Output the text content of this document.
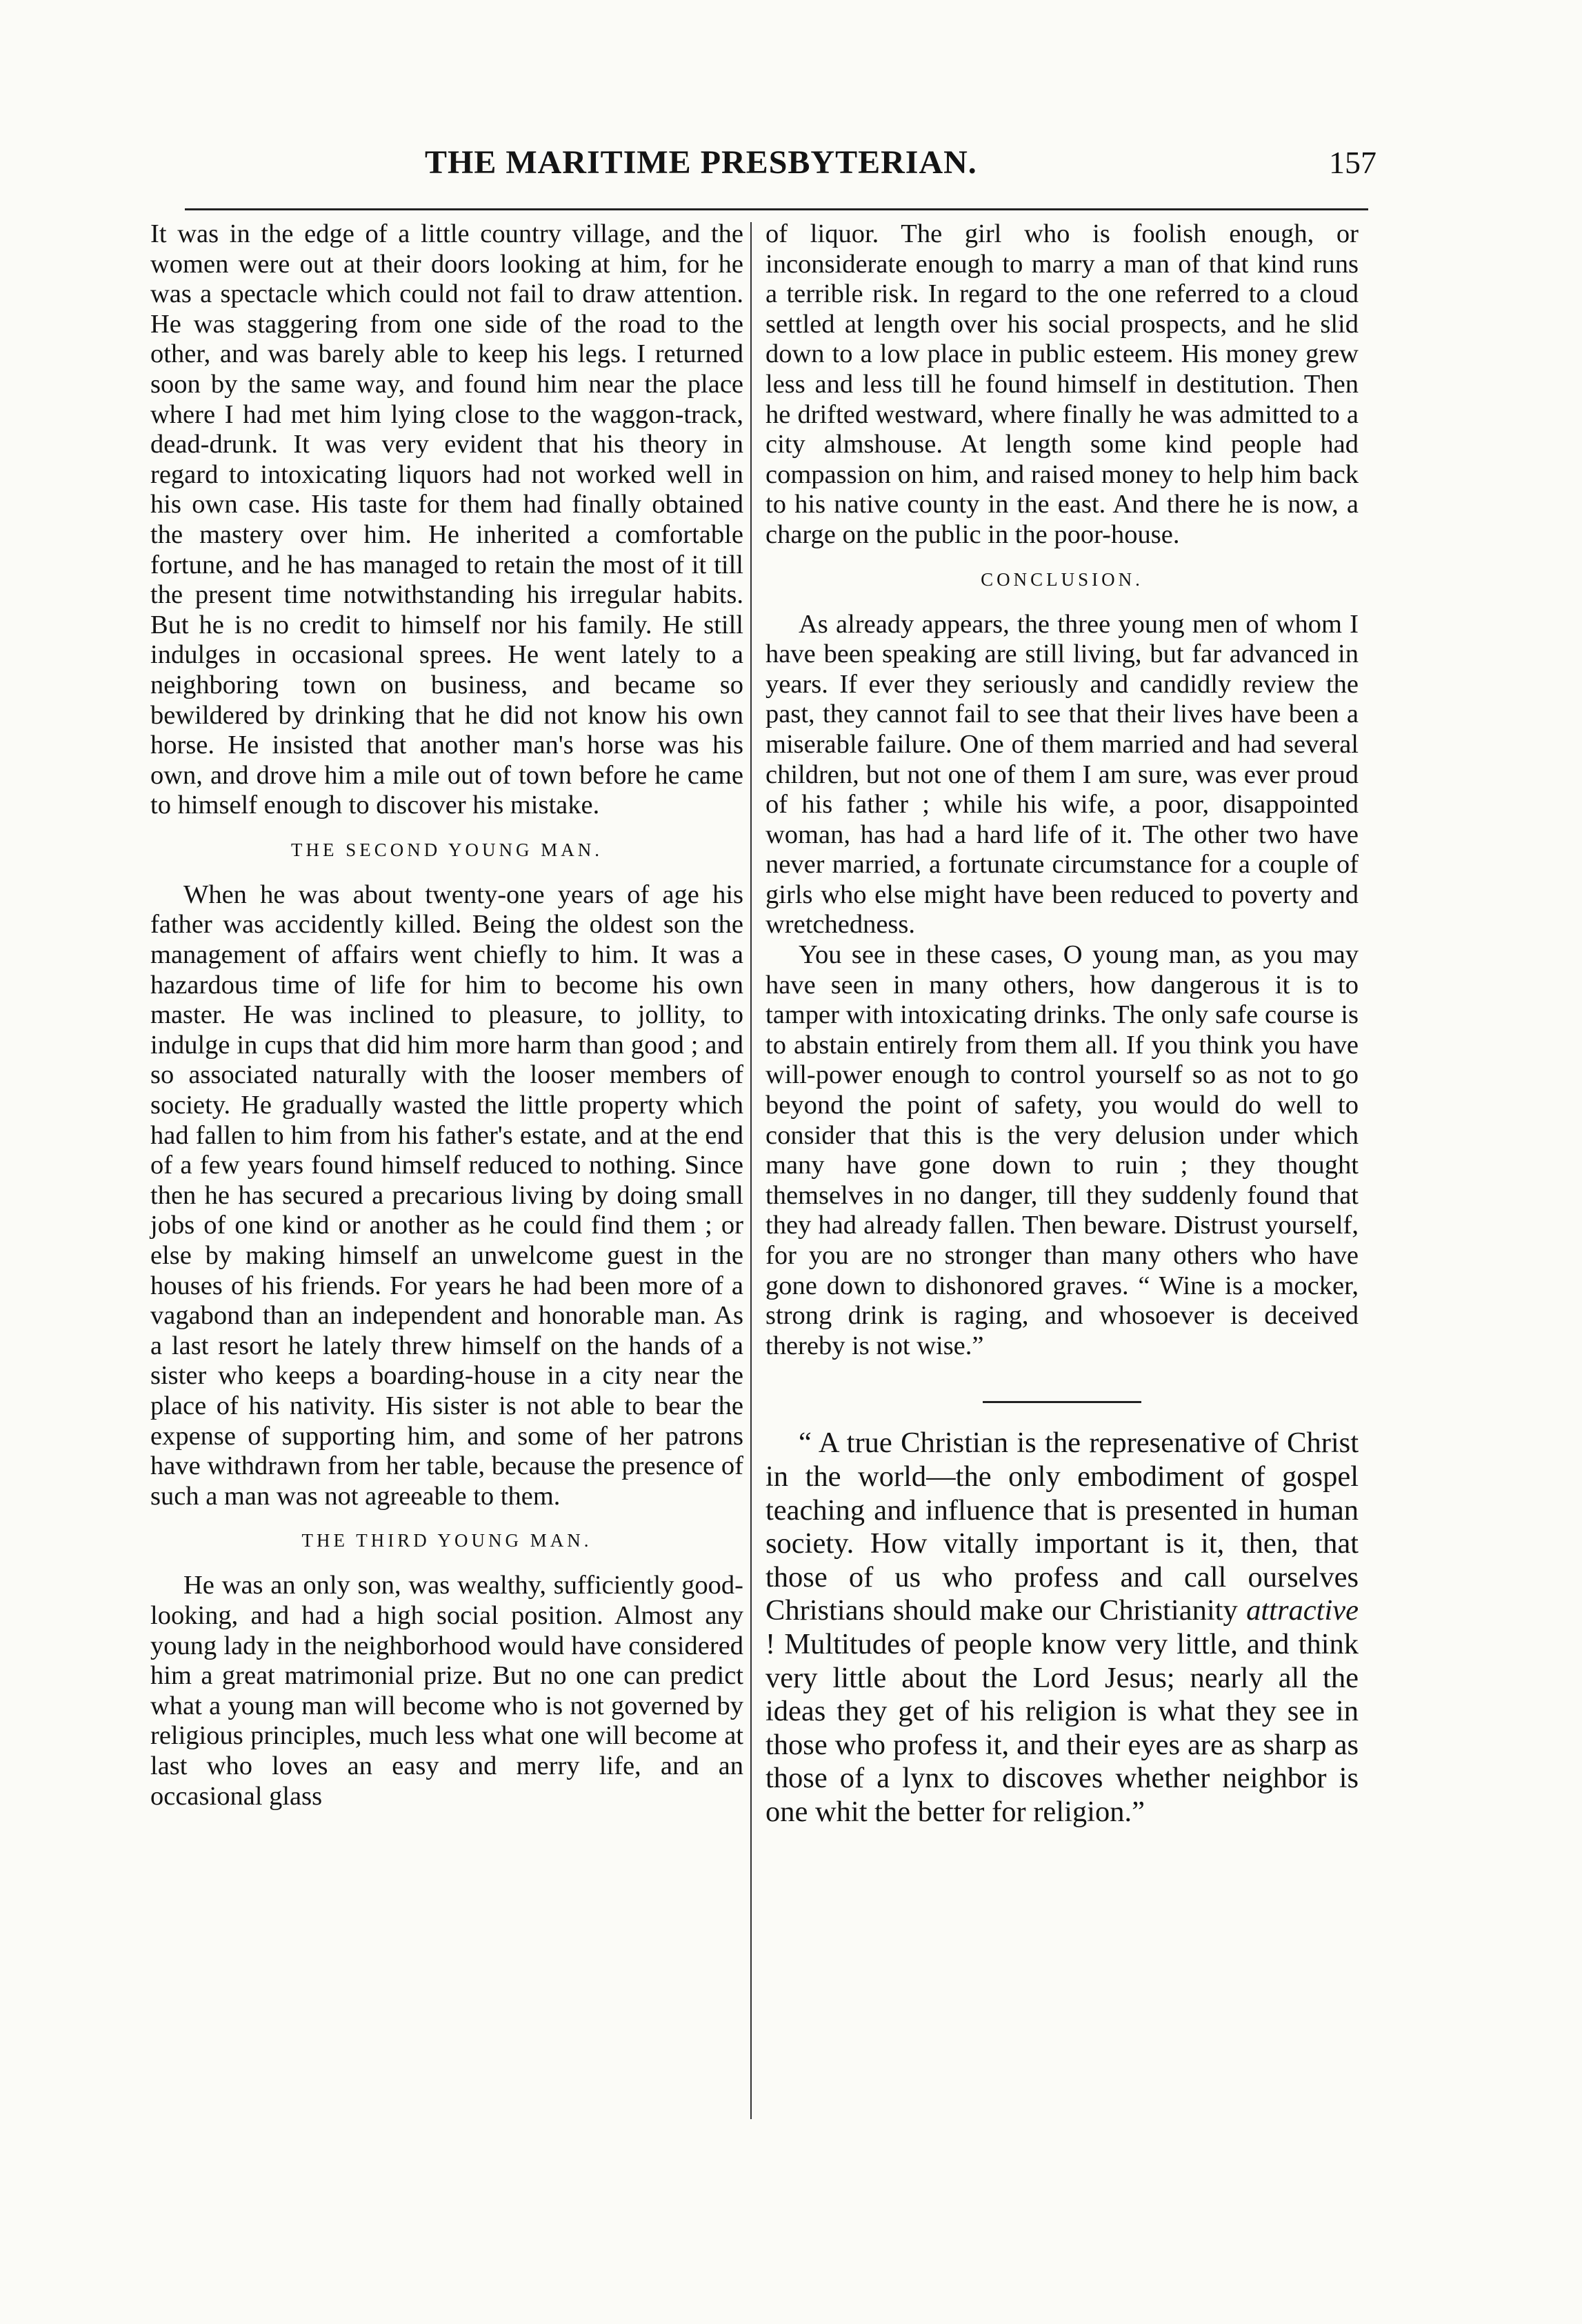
THE MARITIME PRESBYTERIAN.	157

It was in the edge of a little country village, and the women were out at their doors looking at him, for he was a spectacle which could not fail to draw attention. He was staggering from one side of the road to the other, and was barely able to keep his legs. I returned soon by the same way, and found him near the place where I had met him lying close to the waggon-track, dead-drunk. It was very evident that his theory in regard to intoxicating liquors had not worked well in his own case. His taste for them had finally obtained the mastery over him. He inherited a comfortable fortune, and he has managed to retain the most of it till the present time notwithstanding his irregular habits. But he is no credit to himself nor his family. He still indulges in occasional sprees. He went lately to a neighboring town on business, and became so bewildered by drinking that he did not know his own horse. He insisted that another man's horse was his own, and drove him a mile out of town before he came to himself enough to discover his mistake.

THE SECOND YOUNG MAN.

When he was about twenty-one years of age his father was accidently killed. Being the oldest son the management of affairs went chiefly to him. It was a hazardous time of life for him to become his own master. He was inclined to pleasure, to jollity, to indulge in cups that did him more harm than good ; and so associated naturally with the looser members of society. He gradually wasted the little property which had fallen to him from his father's estate, and at the end of a few years found himself reduced to nothing. Since then he has secured a precarious living by doing small jobs of one kind or another as he could find them ; or else by making himself an unwelcome guest in the houses of his friends. For years he had been more of a vagabond than an independent and honorable man. As a last resort he lately threw himself on the hands of a sister who keeps a boarding-house in a city near the place of his nativity. His sister is not able to bear the expense of supporting him, and some of her patrons have withdrawn from her table, because the presence of such a man was not agreeable to them.

THE THIRD YOUNG MAN.

He was an only son, was wealthy, sufficiently good-looking, and had a high social position. Almost any young lady in the neighborhood would have considered him a great matrimonial prize. But no one can predict what a young man will become who is not governed by religious principles, much less what one will become at last who loves an easy and merry life, and an occasional glass

of liquor. The girl who is foolish enough, or inconsiderate enough to marry a man of that kind runs a terrible risk. In regard to the one referred to a cloud settled at length over his social prospects, and he slid down to a low place in public esteem. His money grew less and less till he found himself in destitution. Then he drifted westward, where finally he was admitted to a city almshouse. At length some kind people had compassion on him, and raised money to help him back to his native county in the east. And there he is now, a charge on the public in the poor-house.

CONCLUSION.

As already appears, the three young men of whom I have been speaking are still living, but far advanced in years. If ever they seriously and candidly review the past, they cannot fail to see that their lives have been a miserable failure. One of them married and had several children, but not one of them I am sure, was ever proud of his father ; while his wife, a poor, disappointed woman, has had a hard life of it. The other two have never married, a fortunate circumstance for a couple of girls who else might have been reduced to poverty and wretchedness.

You see in these cases, O young man, as you may have seen in many others, how dangerous it is to tamper with intoxicating drinks. The only safe course is to abstain entirely from them all. If you think you have will-power enough to control yourself so as not to go beyond the point of safety, you would do well to consider that this is the very delusion under which many have gone down to ruin ; they thought themselves in no danger, till they suddenly found that they had already fallen. Then beware. Distrust yourself, for you are no stronger than many others who have gone down to dishonored graves. “ Wine is a mocker, strong drink is raging, and whosoever is deceived thereby is not wise.”

“ A true Christian is the represenative of Christ in the world—the only embodiment of gospel teaching and influence that is presented in human society. How vitally important is it, then, that those of us who profess and call ourselves Christians should make our Christianity attractive ! Multitudes of people know very little, and think very little about the Lord Jesus; nearly all the ideas they get of his religion is what they see in those who profess it, and their eyes are as sharp as those of a lynx to discoves whether neighbor is one whit the better for religion.”
